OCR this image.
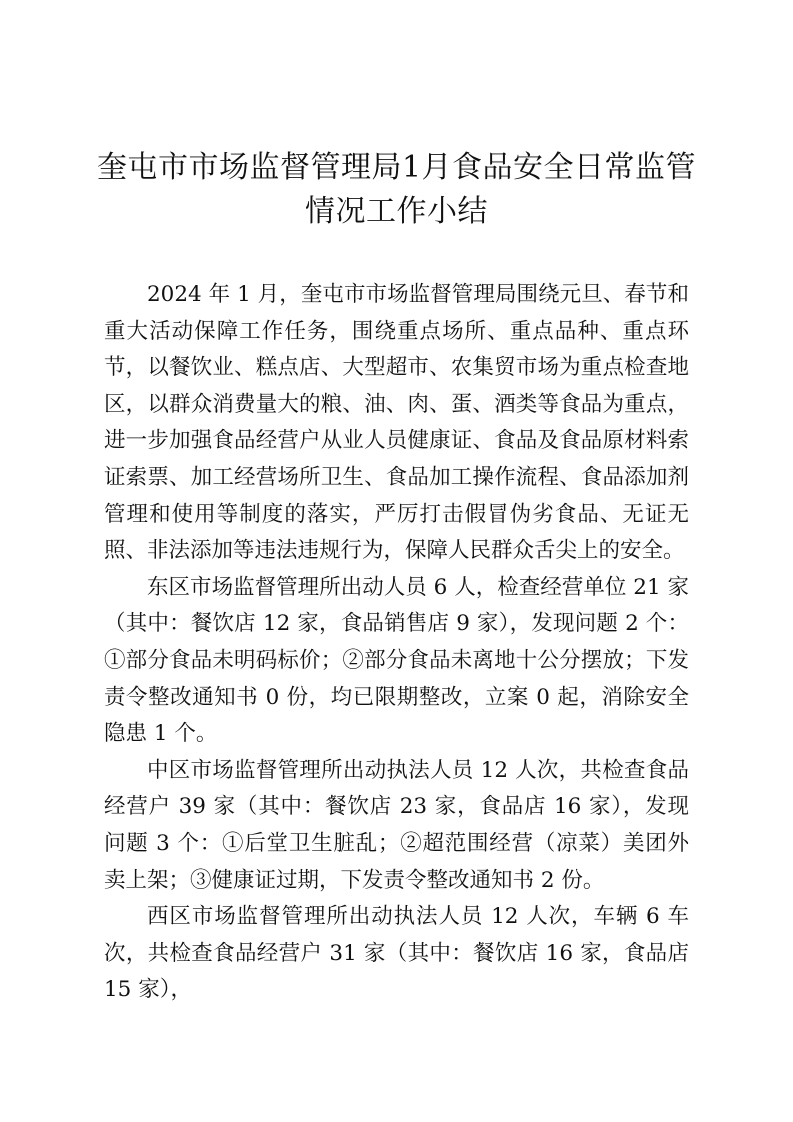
奎屯市市场监督管理局1月食品安全日常监管
情况工作小结

2024 年 1 月，奎屯市市场监督管理局围绕元旦、春节和重大活动保障工作任务，围绕重点场所、重点品种、重点环节，以餐饮业、糕点店、大型超市、农集贸市场为重点检查地区，以群众消费量大的粮、油、肉、蛋、酒类等食品为重点，进一步加强食品经营户从业人员健康证、食品及食品原材料索证索票、加工经营场所卫生、食品加工操作流程、食品添加剂管理和使用等制度的落实，严厉打击假冒伪劣食品、无证无照、非法添加等违法违规行为，保障人民群众舌尖上的安全。

东区市场监督管理所出动人员 6 人，检查经营单位 21 家（其中：餐饮店 12 家，食品销售店 9 家），发现问题 2 个：①部分食品未明码标价；②部分食品未离地十公分摆放；下发责令整改通知书 0 份，均已限期整改，立案 0 起，消除安全隐患 1 个。

中区市场监督管理所出动执法人员 12 人次，共检查食品经营户 39 家（其中：餐饮店 23 家，食品店 16 家），发现问题 3 个：①后堂卫生脏乱；②超范围经营（凉菜）美团外卖上架；③健康证过期，下发责令整改通知书 2 份。

西区市场监督管理所出动执法人员 12 人次，车辆 6 车次，共检查食品经营户 31 家（其中：餐饮店 16 家，食品店 15 家），
